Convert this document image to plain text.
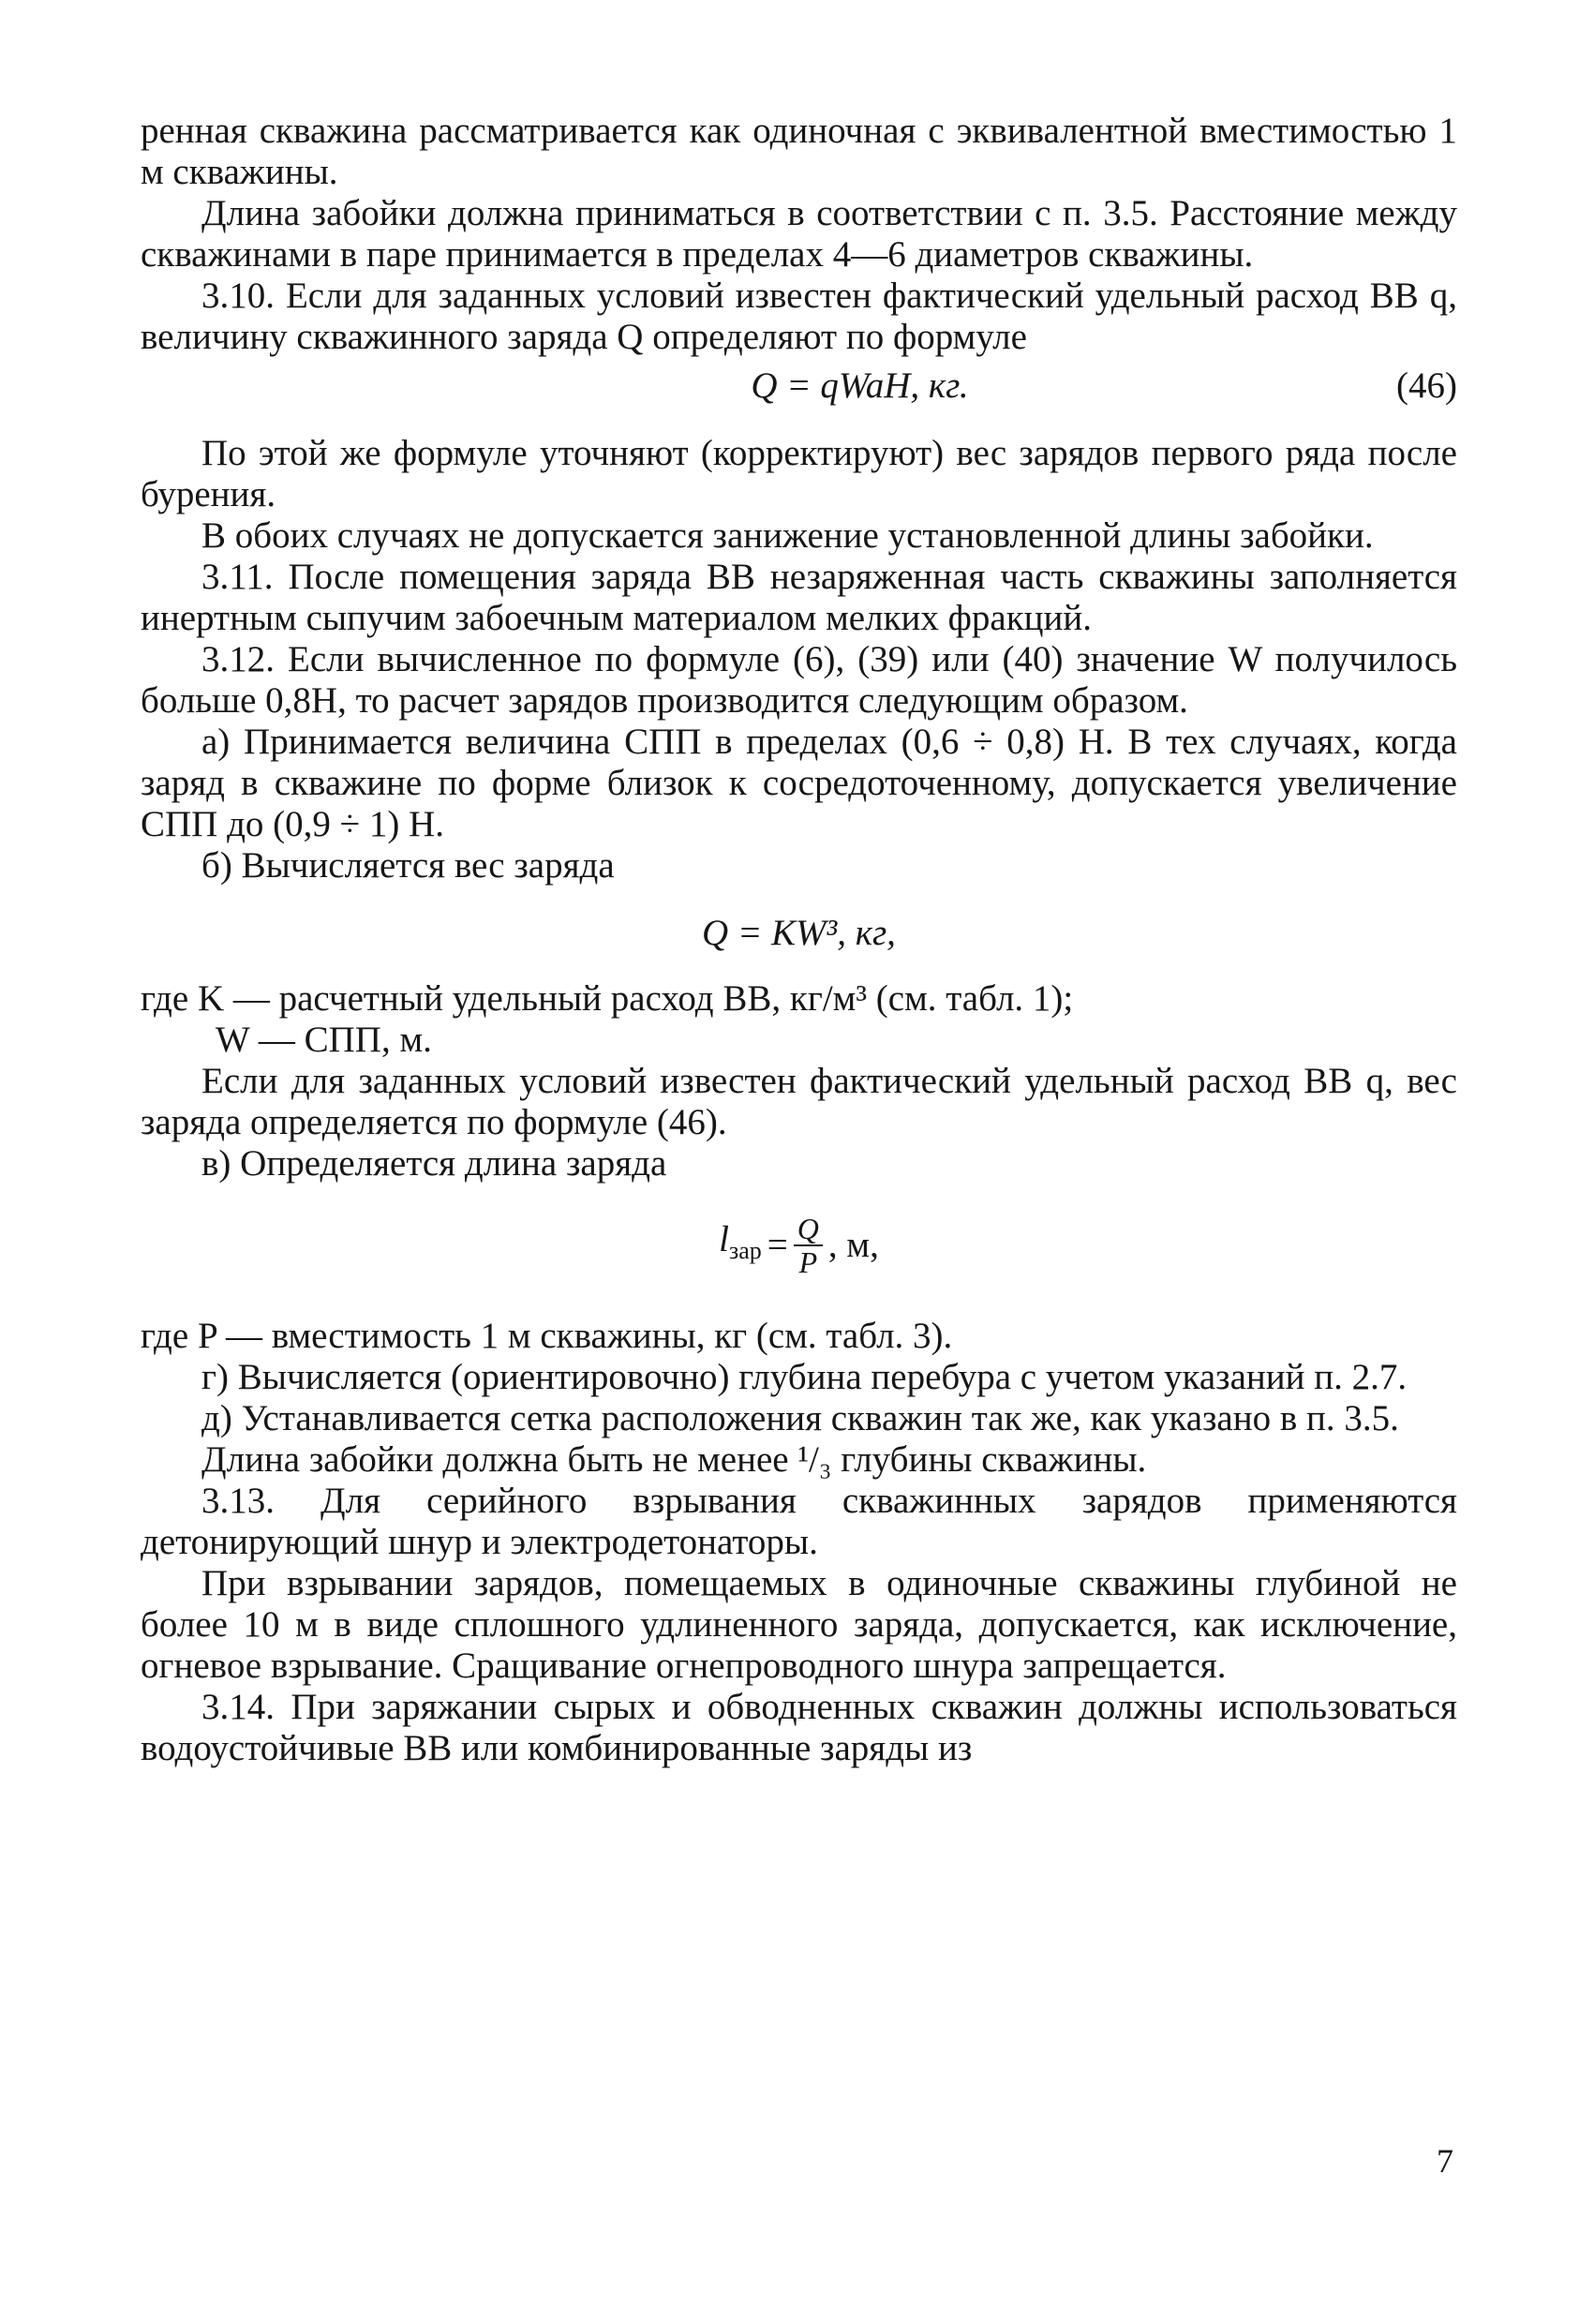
ренная скважина рассматривается как одиночная с эквивалентной вместимостью 1 м скважины.

Длина забойки должна приниматься в соответствии с п. 3.5. Расстояние между скважинами в паре принимается в пределах 4—6 диаметров скважины.

3.10. Если для заданных условий известен фактический удельный расход ВВ q, величину скважинного заряда Q определяют по формуле

Q = qWaH, кг.	(46)

По этой же формуле уточняют (корректируют) вес зарядов первого ряда после бурения.

В обоих случаях не допускается занижение установленной длины забойки.

3.11. После помещения заряда ВВ незаряженная часть скважины заполняется инертным сыпучим забоечным материалом мелких фракций.

3.12. Если вычисленное по формуле (6), (39) или (40) значение W получилось больше 0,8H, то расчет зарядов производится следующим образом.

а) Принимается величина СПП в пределах (0,6 ÷ 0,8) H. В тех случаях, когда заряд в скважине по форме близок к сосредоточенному, допускается увеличение СПП до (0,9 ÷ 1) H.

б) Вычисляется вес заряда

Q = KW³, кг,

где K — расчетный удельный расход ВВ, кг/м³ (см. табл. 1);

W — СПП, м.

Если для заданных условий известен фактический удельный расход ВВ q, вес заряда определяется по формуле (46).

в) Определяется длина заряда

$l_{зар} = \frac{Q}{P}$ , м,

где P — вместимость 1 м скважины, кг (см. табл. 3).

г) Вычисляется (ориентировочно) глубина перебура с учетом указаний п. 2.7.

д) Устанавливается сетка расположения скважин так же, как указано в п. 3.5.

Длина забойки должна быть не менее ¹/₃ глубины скважины.

3.13. Для серийного взрывания скважинных зарядов применяются детонирующий шнур и электродетонаторы.

При взрывании зарядов, помещаемых в одиночные скважины глубиной не более 10 м в виде сплошного удлиненного заряда, допускается, как исключение, огневое взрывание. Сращивание огнепроводного шнура запрещается.

3.14. При заряжании сырых и обводненных скважин должны использоваться водоустойчивые ВВ или комбинированные заряды из

7
